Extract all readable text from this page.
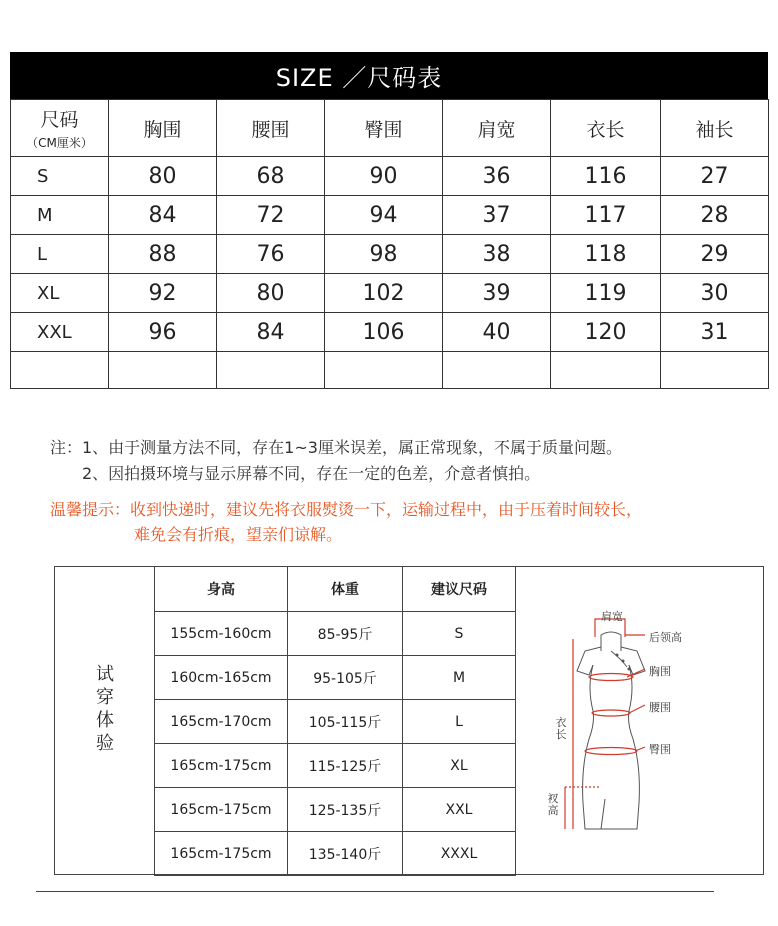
SIZE ／尺码表
尺码
（CM厘米）	胸围	腰围	臀围	肩宽	衣长	袖长
S	80	68	90	36	116	27
M	84	72	94	37	117	28
L	88	76	98	38	118	29
XL	92	80	102	39	119	30
XXL	96	84	106	40	120	31

注：1、由于测量方法不同，存在1~3厘米误差，属正常现象，不属于质量问题。
2、因拍摄环境与显示屏幕不同，存在一定的色差，介意者慎拍。
温馨提示：收到快递时，建议先将衣服熨烫一下，运输过程中，由于压着时间较长，
难免会有折痕，望亲们谅解。
试穿体验
身高	体重	建议尺码
155cm-160cm	85-95斤	S
160cm-165cm	95-105斤	M
165cm-170cm	105-115斤	L
165cm-175cm	115-125斤	XL
165cm-175cm	125-135斤	XXL
165cm-175cm	135-140斤	XXXL
肩宽
后领高
胸围
腰围
臀围
衣长
衩高
